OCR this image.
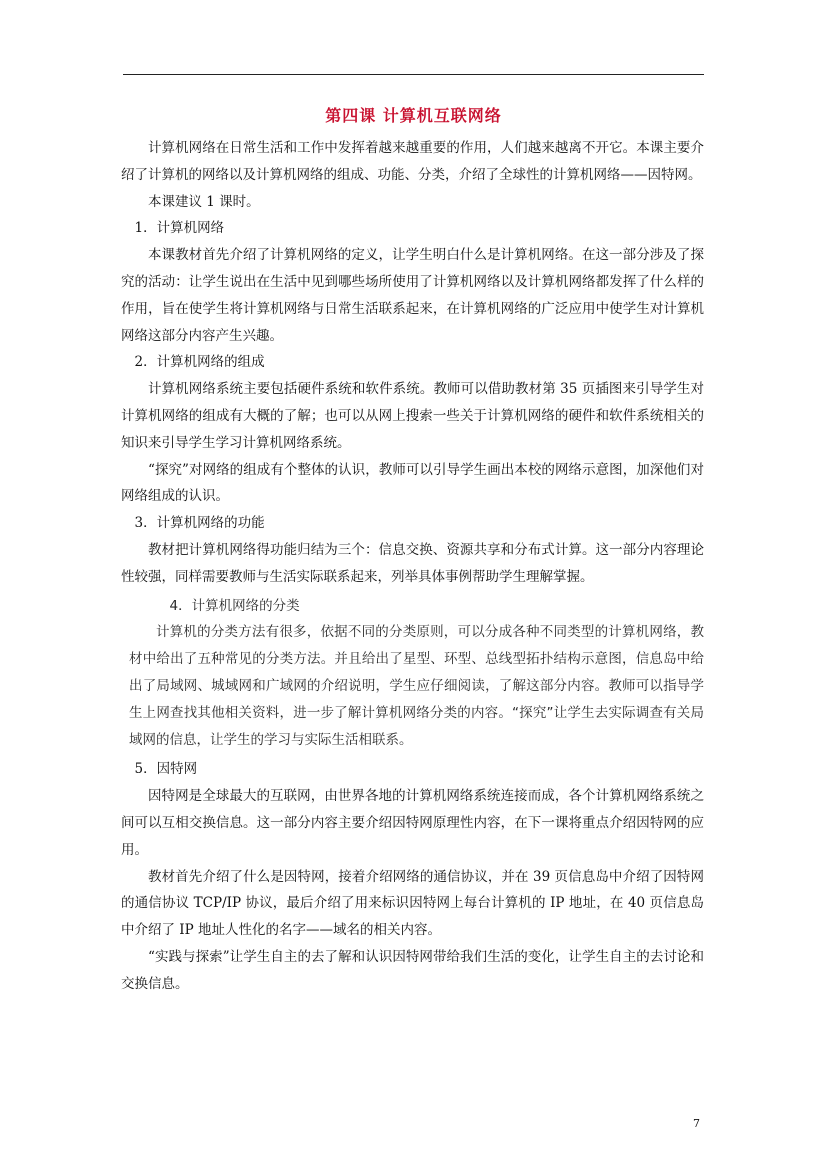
第四课 计算机互联网络

计算机网络在日常生活和工作中发挥着越来越重要的作用，人们越来越离不开它。本课主要介绍了计算机的网络以及计算机网络的组成、功能、分类，介绍了全球性的计算机网络——因特网。

本课建议 1 课时。

1．计算机网络

本课教材首先介绍了计算机网络的定义，让学生明白什么是计算机网络。在这一部分涉及了探究的活动：让学生说出在生活中见到哪些场所使用了计算机网络以及计算机网络都发挥了什么样的作用，旨在使学生将计算机网络与日常生活联系起来，在计算机网络的广泛应用中使学生对计算机网络这部分内容产生兴趣。

2．计算机网络的组成

计算机网络系统主要包括硬件系统和软件系统。教师可以借助教材第 35 页插图来引导学生对计算机网络的组成有大概的了解；也可以从网上搜索一些关于计算机网络的硬件和软件系统相关的知识来引导学生学习计算机网络系统。

“探究”对网络的组成有个整体的认识，教师可以引导学生画出本校的网络示意图，加深他们对网络组成的认识。

3．计算机网络的功能

教材把计算机网络得功能归结为三个：信息交换、资源共享和分布式计算。这一部分内容理论性较强，同样需要教师与生活实际联系起来，列举具体事例帮助学生理解掌握。

4．计算机网络的分类

计算机的分类方法有很多，依据不同的分类原则，可以分成各种不同类型的计算机网络，教材中给出了五种常见的分类方法。并且给出了星型、环型、总线型拓扑结构示意图，信息岛中给出了局域网、城域网和广域网的介绍说明，学生应仔细阅读，了解这部分内容。教师可以指导学生上网查找其他相关资料，进一步了解计算机网络分类的内容。“探究”让学生去实际调查有关局域网的信息，让学生的学习与实际生活相联系。

5．因特网

因特网是全球最大的互联网，由世界各地的计算机网络系统连接而成，各个计算机网络系统之间可以互相交换信息。这一部分内容主要介绍因特网原理性内容，在下一课将重点介绍因特网的应用。

教材首先介绍了什么是因特网，接着介绍网络的通信协议，并在 39 页信息岛中介绍了因特网的通信协议 TCP/IP 协议，最后介绍了用来标识因特网上每台计算机的 IP 地址，在 40 页信息岛中介绍了 IP 地址人性化的名字——域名的相关内容。

“实践与探索”让学生自主的去了解和认识因特网带给我们生活的变化，让学生自主的去讨论和交换信息。

7
